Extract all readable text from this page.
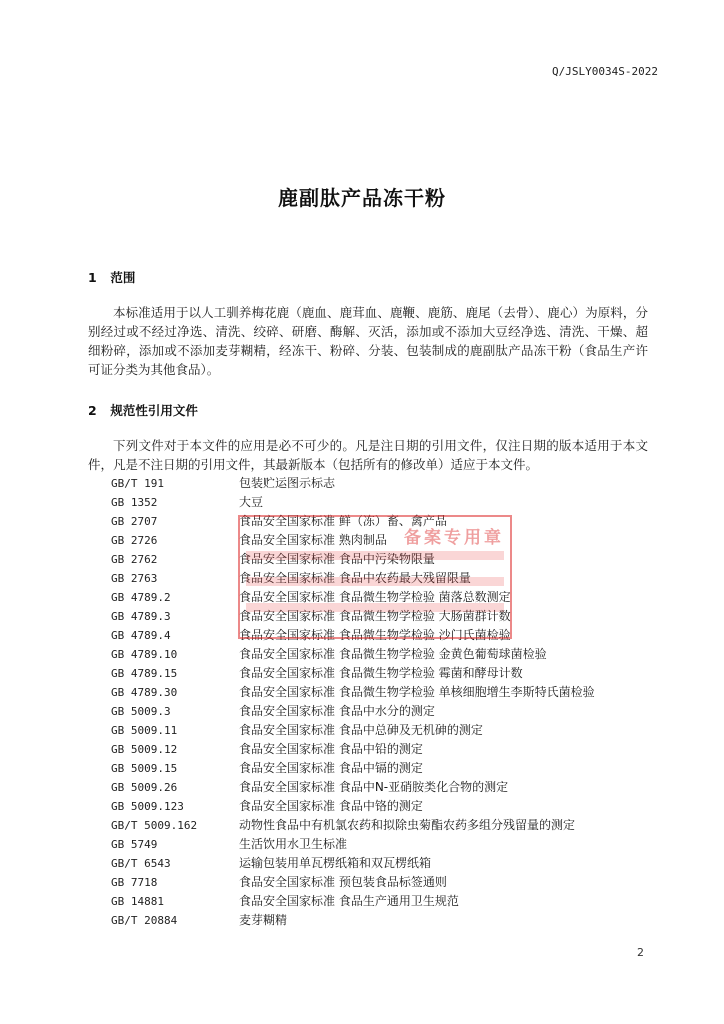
Q/JSLY0034S-2022
鹿副肽产品冻干粉
1 范围

本标准适用于以人工驯养梅花鹿（鹿血、鹿茸血、鹿鞭、鹿筋、鹿尾（去骨）、鹿心）为原料，分别经过或不经过净选、清洗、绞碎、研磨、酶解、灭活，添加或不添加大豆经净选、清洗、干燥、超细粉碎，添加或不添加麦芽糊精，经冻干、粉碎、分装、包装制成的鹿副肽产品冻干粉（食品生产许可证分类为其他食品）。

2 规范性引用文件

下列文件对于本文件的应用是必不可少的。凡是注日期的引用文件，仅注日期的版本适用于本文件，凡是不注日期的引用文件，其最新版本（包括所有的修改单）适应于本文件。

GB/T 191	包装贮运图示标志
GB 1352	大豆
GB 2707	食品安全国家标准 鲜（冻）畜、禽产品
GB 2726	食品安全国家标准 熟肉制品
GB 2762	食品安全国家标准 食品中污染物限量
GB 2763	食品安全国家标准 食品中农药最大残留限量
GB 4789.2	食品安全国家标准 食品微生物学检验 菌落总数测定
GB 4789.3	食品安全国家标准 食品微生物学检验 大肠菌群计数
GB 4789.4	食品安全国家标准 食品微生物学检验 沙门氏菌检验
GB 4789.10	食品安全国家标准 食品微生物学检验 金黄色葡萄球菌检验
GB 4789.15	食品安全国家标准 食品微生物学检验 霉菌和酵母计数
GB 4789.30	食品安全国家标准 食品微生物学检验 单核细胞增生李斯特氏菌检验
GB 5009.3	食品安全国家标准 食品中水分的测定
GB 5009.11	食品安全国家标准 食品中总砷及无机砷的测定
GB 5009.12	食品安全国家标准 食品中铅的测定
GB 5009.15	食品安全国家标准 食品中镉的测定
GB 5009.26	食品安全国家标准 食品中N-亚硝胺类化合物的测定
GB 5009.123	食品安全国家标准 食品中铬的测定
GB/T 5009.162	动物性食品中有机氯农药和拟除虫菊酯农药多组分残留量的测定
GB 5749	生活饮用水卫生标准
GB/T 6543	运输包装用单瓦楞纸箱和双瓦楞纸箱
GB 7718	食品安全国家标准 预包装食品标签通则
GB 14881	食品安全国家标准 食品生产通用卫生规范
GB/T 20884	麦芽糊精
备案专用章
2
